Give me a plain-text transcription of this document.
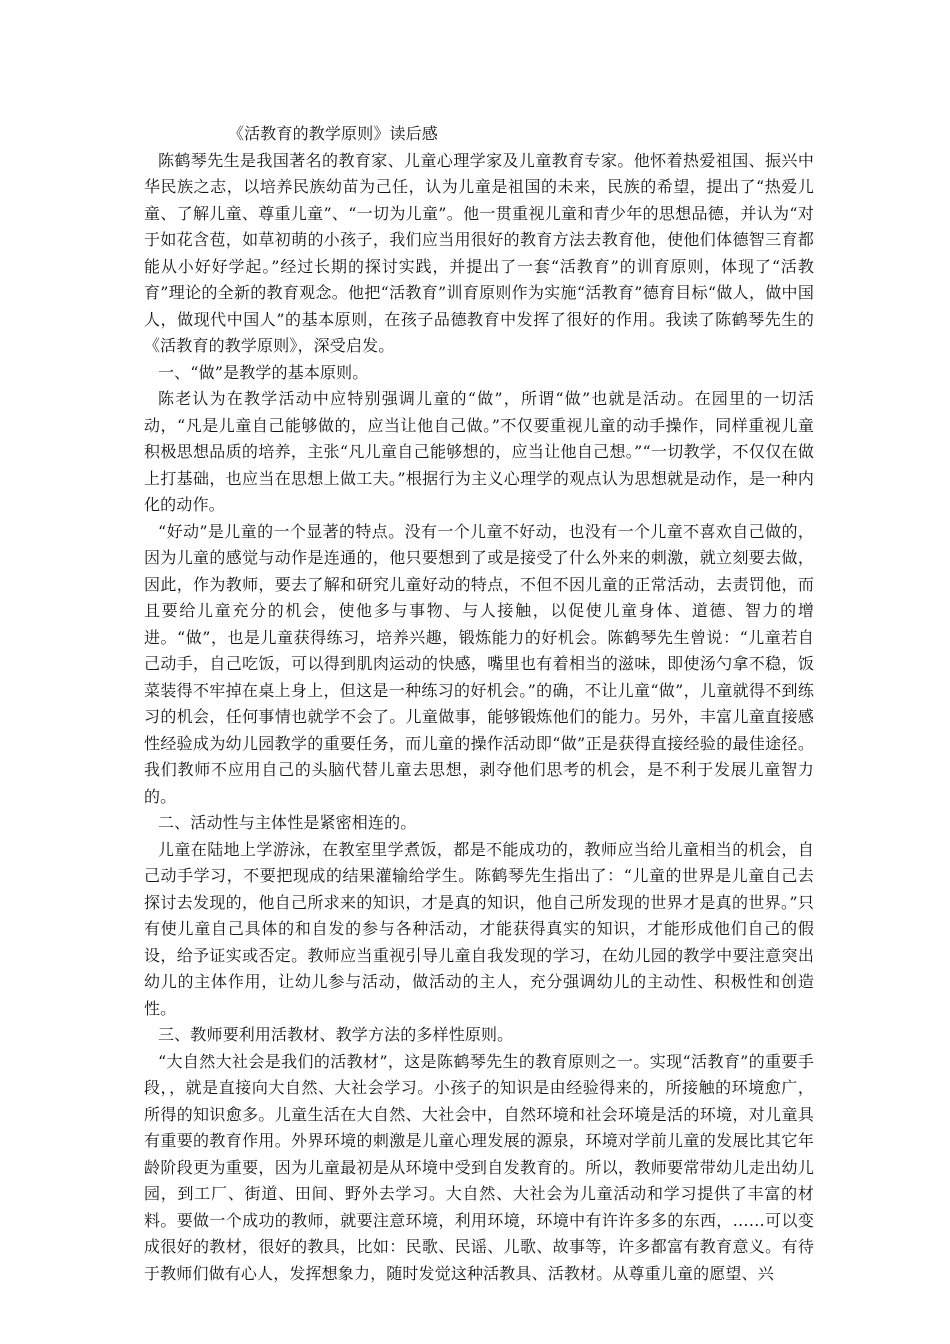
《活教育的教学原则》读后感

陈鹤琴先生是我国著名的教育家、儿童心理学家及儿童教育专家。他怀着热爱祖国、振兴中华民族之志，以培养民族幼苗为己任，认为儿童是祖国的未来，民族的希望，提出了“热爱儿童、了解儿童、尊重儿童”、“一切为儿童”。他一贯重视儿童和青少年的思想品德，并认为“对于如花含苞，如草初萌的小孩子，我们应当用很好的教育方法去教育他，使他们体德智三育都能从小好好学起。”经过长期的探讨实践，并提出了一套“活教育”的训育原则，体现了“活教育”理论的全新的教育观念。他把“活教育”训育原则作为实施“活教育”德育目标“做人，做中国人，做现代中国人”的基本原则，在孩子品德教育中发挥了很好的作用。我读了陈鹤琴先生的《活教育的教学原则》，深受启发。

一、“做”是教学的基本原则。

陈老认为在教学活动中应特别强调儿童的“做”，所谓“做”也就是活动。在园里的一切活动，“凡是儿童自己能够做的，应当让他自己做。”不仅要重视儿童的动手操作，同样重视儿童积极思想品质的培养，主张“凡儿童自己能够想的，应当让他自己想。”“一切教学，不仅仅在做上打基础，也应当在思想上做工夫。”根据行为主义心理学的观点认为思想就是动作，是一种内化的动作。

“好动”是儿童的一个显著的特点。没有一个儿童不好动，也没有一个儿童不喜欢自己做的，因为儿童的感觉与动作是连通的，他只要想到了或是接受了什么外来的刺激，就立刻要去做，因此，作为教师，要去了解和研究儿童好动的特点，不但不因儿童的正常活动，去责罚他，而且要给儿童充分的机会，使他多与事物、与人接触，以促使儿童身体、道德、智力的增进。“做”，也是儿童获得练习，培养兴趣，锻炼能力的好机会。陈鹤琴先生曾说：“儿童若自己动手，自己吃饭，可以得到肌肉运动的快感，嘴里也有着相当的滋味，即使汤勺拿不稳，饭菜装得不牢掉在桌上身上，但这是一种练习的好机会。”的确，不让儿童“做”，儿童就得不到练习的机会，任何事情也就学不会了。儿童做事，能够锻炼他们的能力。另外，丰富儿童直接感性经验成为幼儿园教学的重要任务，而儿童的操作活动即“做”正是获得直接经验的最佳途径。我们教师不应用自己的头脑代替儿童去思想，剥夺他们思考的机会，是不利于发展儿童智力的。

二、活动性与主体性是紧密相连的。

儿童在陆地上学游泳，在教室里学煮饭，都是不能成功的，教师应当给儿童相当的机会，自己动手学习，不要把现成的结果灌输给学生。陈鹤琴先生指出了：“儿童的世界是儿童自己去探讨去发现的，他自己所求来的知识，才是真的知识，他自己所发现的世界才是真的世界。”只有使儿童自己具体的和自发的参与各种活动，才能获得真实的知识，才能形成他们自己的假设，给予证实或否定。教师应当重视引导儿童自我发现的学习，在幼儿园的教学中要注意突出幼儿的主体作用，让幼儿参与活动，做活动的主人，充分强调幼儿的主动性、积极性和创造性。

三、教师要利用活教材、教学方法的多样性原则。

“大自然大社会是我们的活教材”，这是陈鹤琴先生的教育原则之一。实现“活教育”的重要手段，，就是直接向大自然、大社会学习。小孩子的知识是由经验得来的，所接触的环境愈广，所得的知识愈多。儿童生活在大自然、大社会中，自然环境和社会环境是活的环境，对儿童具有重要的教育作用。外界环境的刺激是儿童心理发展的源泉，环境对学前儿童的发展比其它年龄阶段更为重要，因为儿童最初是从环境中受到自发教育的。所以，教师要常带幼儿走出幼儿园，到工厂、街道、田间、野外去学习。大自然、大社会为儿童活动和学习提供了丰富的材料。要做一个成功的教师，就要注意环境，利用环境，环境中有许许多多的东西，……可以变成很好的教材，很好的教具，比如：民歌、民谣、儿歌、故事等，许多都富有教育意义。有待于教师们做有心人，发挥想象力，随时发觉这种活教具、活教材。从尊重儿童的愿望、兴
